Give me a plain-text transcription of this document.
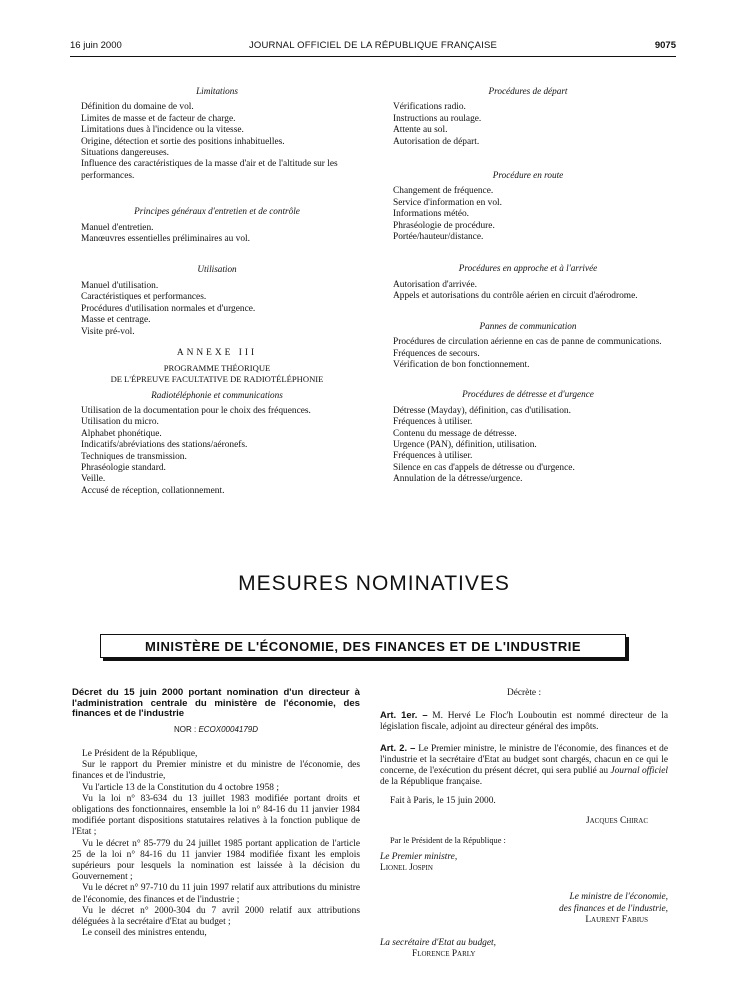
16 juin 2000	JOURNAL OFFICIEL DE LA RÉPUBLIQUE FRANÇAISE	9075
Limitations
Définition du domaine de vol.
Limites de masse et de facteur de charge.
Limitations dues à l'incidence ou la vitesse.
Origine, détection et sortie des positions inhabituelles.
Situations dangereuses.
Influence des caractéristiques de la masse d'air et de l'altitude sur les performances.
Principes généraux d'entretien et de contrôle
Manuel d'entretien.
Manœuvres essentielles préliminaires au vol.
Utilisation
Manuel d'utilisation.
Caractéristiques et performances.
Procédures d'utilisation normales et d'urgence.
Masse et centrage.
Visite pré-vol.
ANNEXE III
PROGRAMME THÉORIQUE
DE L'ÉPREUVE FACULTATIVE DE RADIOTÉLÉPHONIE
Radiotéléphonie et communications
Utilisation de la documentation pour le choix des fréquences.
Utilisation du micro.
Alphabet phonétique.
Indicatifs/abréviations des stations/aéronefs.
Techniques de transmission.
Phraséologie standard.
Veille.
Accusé de réception, collationnement.
Procédures de départ
Vérifications radio.
Instructions au roulage.
Attente au sol.
Autorisation de départ.
Procédure en route
Changement de fréquence.
Service d'information en vol.
Informations météo.
Phraséologie de procédure.
Portée/hauteur/distance.
Procédures en approche et à l'arrivée
Autorisation d'arrivée.
Appels et autorisations du contrôle aérien en circuit d'aérodrome.
Pannes de communication
Procédures de circulation aérienne en cas de panne de communications.
Fréquences de secours.
Vérification de bon fonctionnement.
Procédures de détresse et d'urgence
Détresse (Mayday), définition, cas d'utilisation.
Fréquences à utiliser.
Contenu du message de détresse.
Urgence (PAN), définition, utilisation.
Fréquences à utiliser.
Silence en cas d'appels de détresse ou d'urgence.
Annulation de la détresse/urgence.
MESURES NOMINATIVES
MINISTÈRE DE L'ÉCONOMIE, DES FINANCES ET DE L'INDUSTRIE
Décret du 15 juin 2000 portant nomination d'un directeur à l'administration centrale du ministère de l'économie, des finances et de l'industrie
NOR : ECOX0004179D

Le Président de la République,

Sur le rapport du Premier ministre et du ministre de l'économie, des finances et de l'industrie,

Vu l'article 13 de la Constitution du 4 octobre 1958 ;

Vu la loi n° 83-634 du 13 juillet 1983 modifiée portant droits et obligations des fonctionnaires, ensemble la loi n° 84-16 du 11 janvier 1984 modifiée portant dispositions statutaires relatives à la fonction publique de l'Etat ;

Vu le décret n° 85-779 du 24 juillet 1985 portant application de l'article 25 de la loi n° 84-16 du 11 janvier 1984 modifiée fixant les emplois supérieurs pour lesquels la nomination est laissée à la décision du Gouvernement ;

Vu le décret n° 97-710 du 11 juin 1997 relatif aux attributions du ministre de l'économie, des finances et de l'industrie ;

Vu le décret n° 2000-304 du 7 avril 2000 relatif aux attributions déléguées à la secrétaire d'Etat au budget ;

Le conseil des ministres entendu,

Décrète :

Art. 1er. – M. Hervé Le Floc'h Louboutin est nommé directeur de la législation fiscale, adjoint au directeur général des impôts.

Art. 2. – Le Premier ministre, le ministre de l'économie, des finances et de l'industrie et la secrétaire d'Etat au budget sont chargés, chacun en ce qui le concerne, de l'exécution du présent décret, qui sera publié au Journal officiel de la République française.

Fait à Paris, le 15 juin 2000.

Jacques Chirac
Par le Président de la République :
Le Premier ministre,
Lionel Jospin
Le ministre de l'économie,
des finances et de l'industrie,
Laurent Fabius
La secrétaire d'Etat au budget,
Florence Parly
